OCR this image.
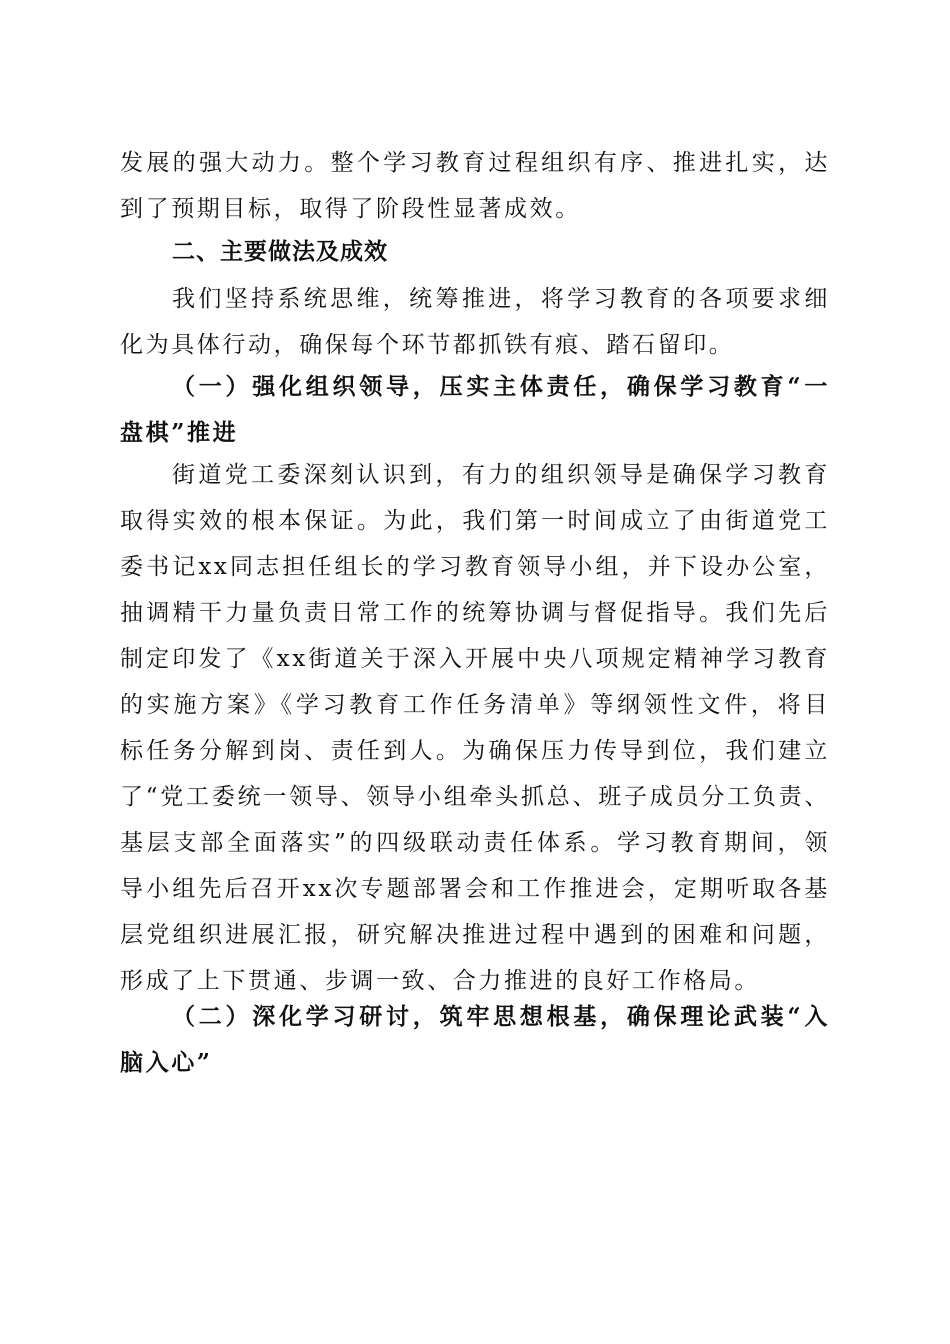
发展的强大动力。整个学习教育过程组织有序、推进扎实，达
到了预期目标，取得了阶段性显著成效。
二、主要做法及成效
我们坚持系统思维，统筹推进，将学习教育的各项要求细
化为具体行动，确保每个环节都抓铁有痕、踏石留印。
（一）强化组织领导，压实主体责任，确保学习教育“一
盘棋”推进
街道党工委深刻认识到，有力的组织领导是确保学习教育
取得实效的根本保证。为此，我们第一时间成立了由街道党工
委书记xx同志担任组长的学习教育领导小组，并下设办公室，
抽调精干力量负责日常工作的统筹协调与督促指导。我们先后
制定印发了《xx街道关于深入开展中央八项规定精神学习教育
的实施方案》《学习教育工作任务清单》等纲领性文件，将目
标任务分解到岗、责任到人。为确保压力传导到位，我们建立
了“党工委统一领导、领导小组牵头抓总、班子成员分工负责、
基层支部全面落实”的四级联动责任体系。学习教育期间，领
导小组先后召开xx次专题部署会和工作推进会，定期听取各基
层党组织进展汇报，研究解决推进过程中遇到的困难和问题，
形成了上下贯通、步调一致、合力推进的良好工作格局。
（二）深化学习研讨，筑牢思想根基，确保理论武装“入
脑入心”
